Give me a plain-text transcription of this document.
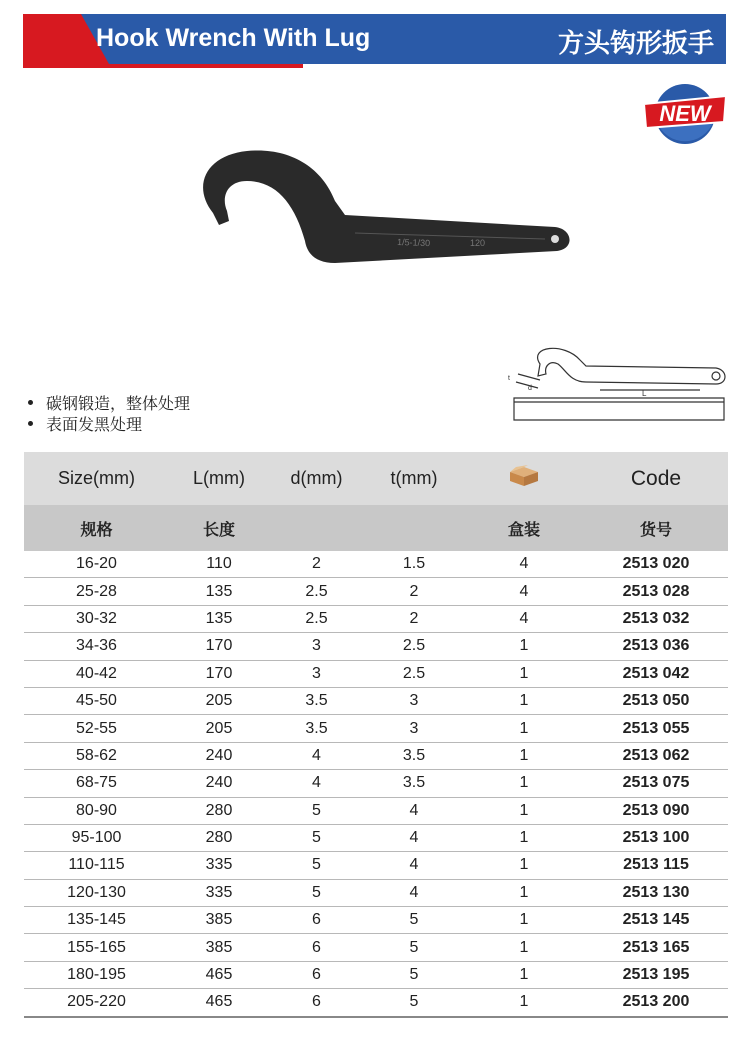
Hook Wrench With Lug	方头钩形扳手
NEW
1/5-1/30	120
L
t
d
碳钢锻造，整体处理
表面发黑处理
Size(mm)	L(mm)	d(mm)	t(mm)		Code
规格	长度			盒装	货号
16-20	110	2	1.5	4	2513 020
25-28	135	2.5	2	4	2513 028
30-32	135	2.5	2	4	2513 032
34-36	170	3	2.5	1	2513 036
40-42	170	3	2.5	1	2513 042
45-50	205	3.5	3	1	2513 050
52-55	205	3.5	3	1	2513 055
58-62	240	4	3.5	1	2513 062
68-75	240	4	3.5	1	2513 075
80-90	280	5	4	1	2513 090
95-100	280	5	4	1	2513 100
110-115	335	5	4	1	2513 115
120-130	335	5	4	1	2513 130
135-145	385	6	5	1	2513 145
155-165	385	6	5	1	2513 165
180-195	465	6	5	1	2513 195
205-220	465	6	5	1	2513 200
